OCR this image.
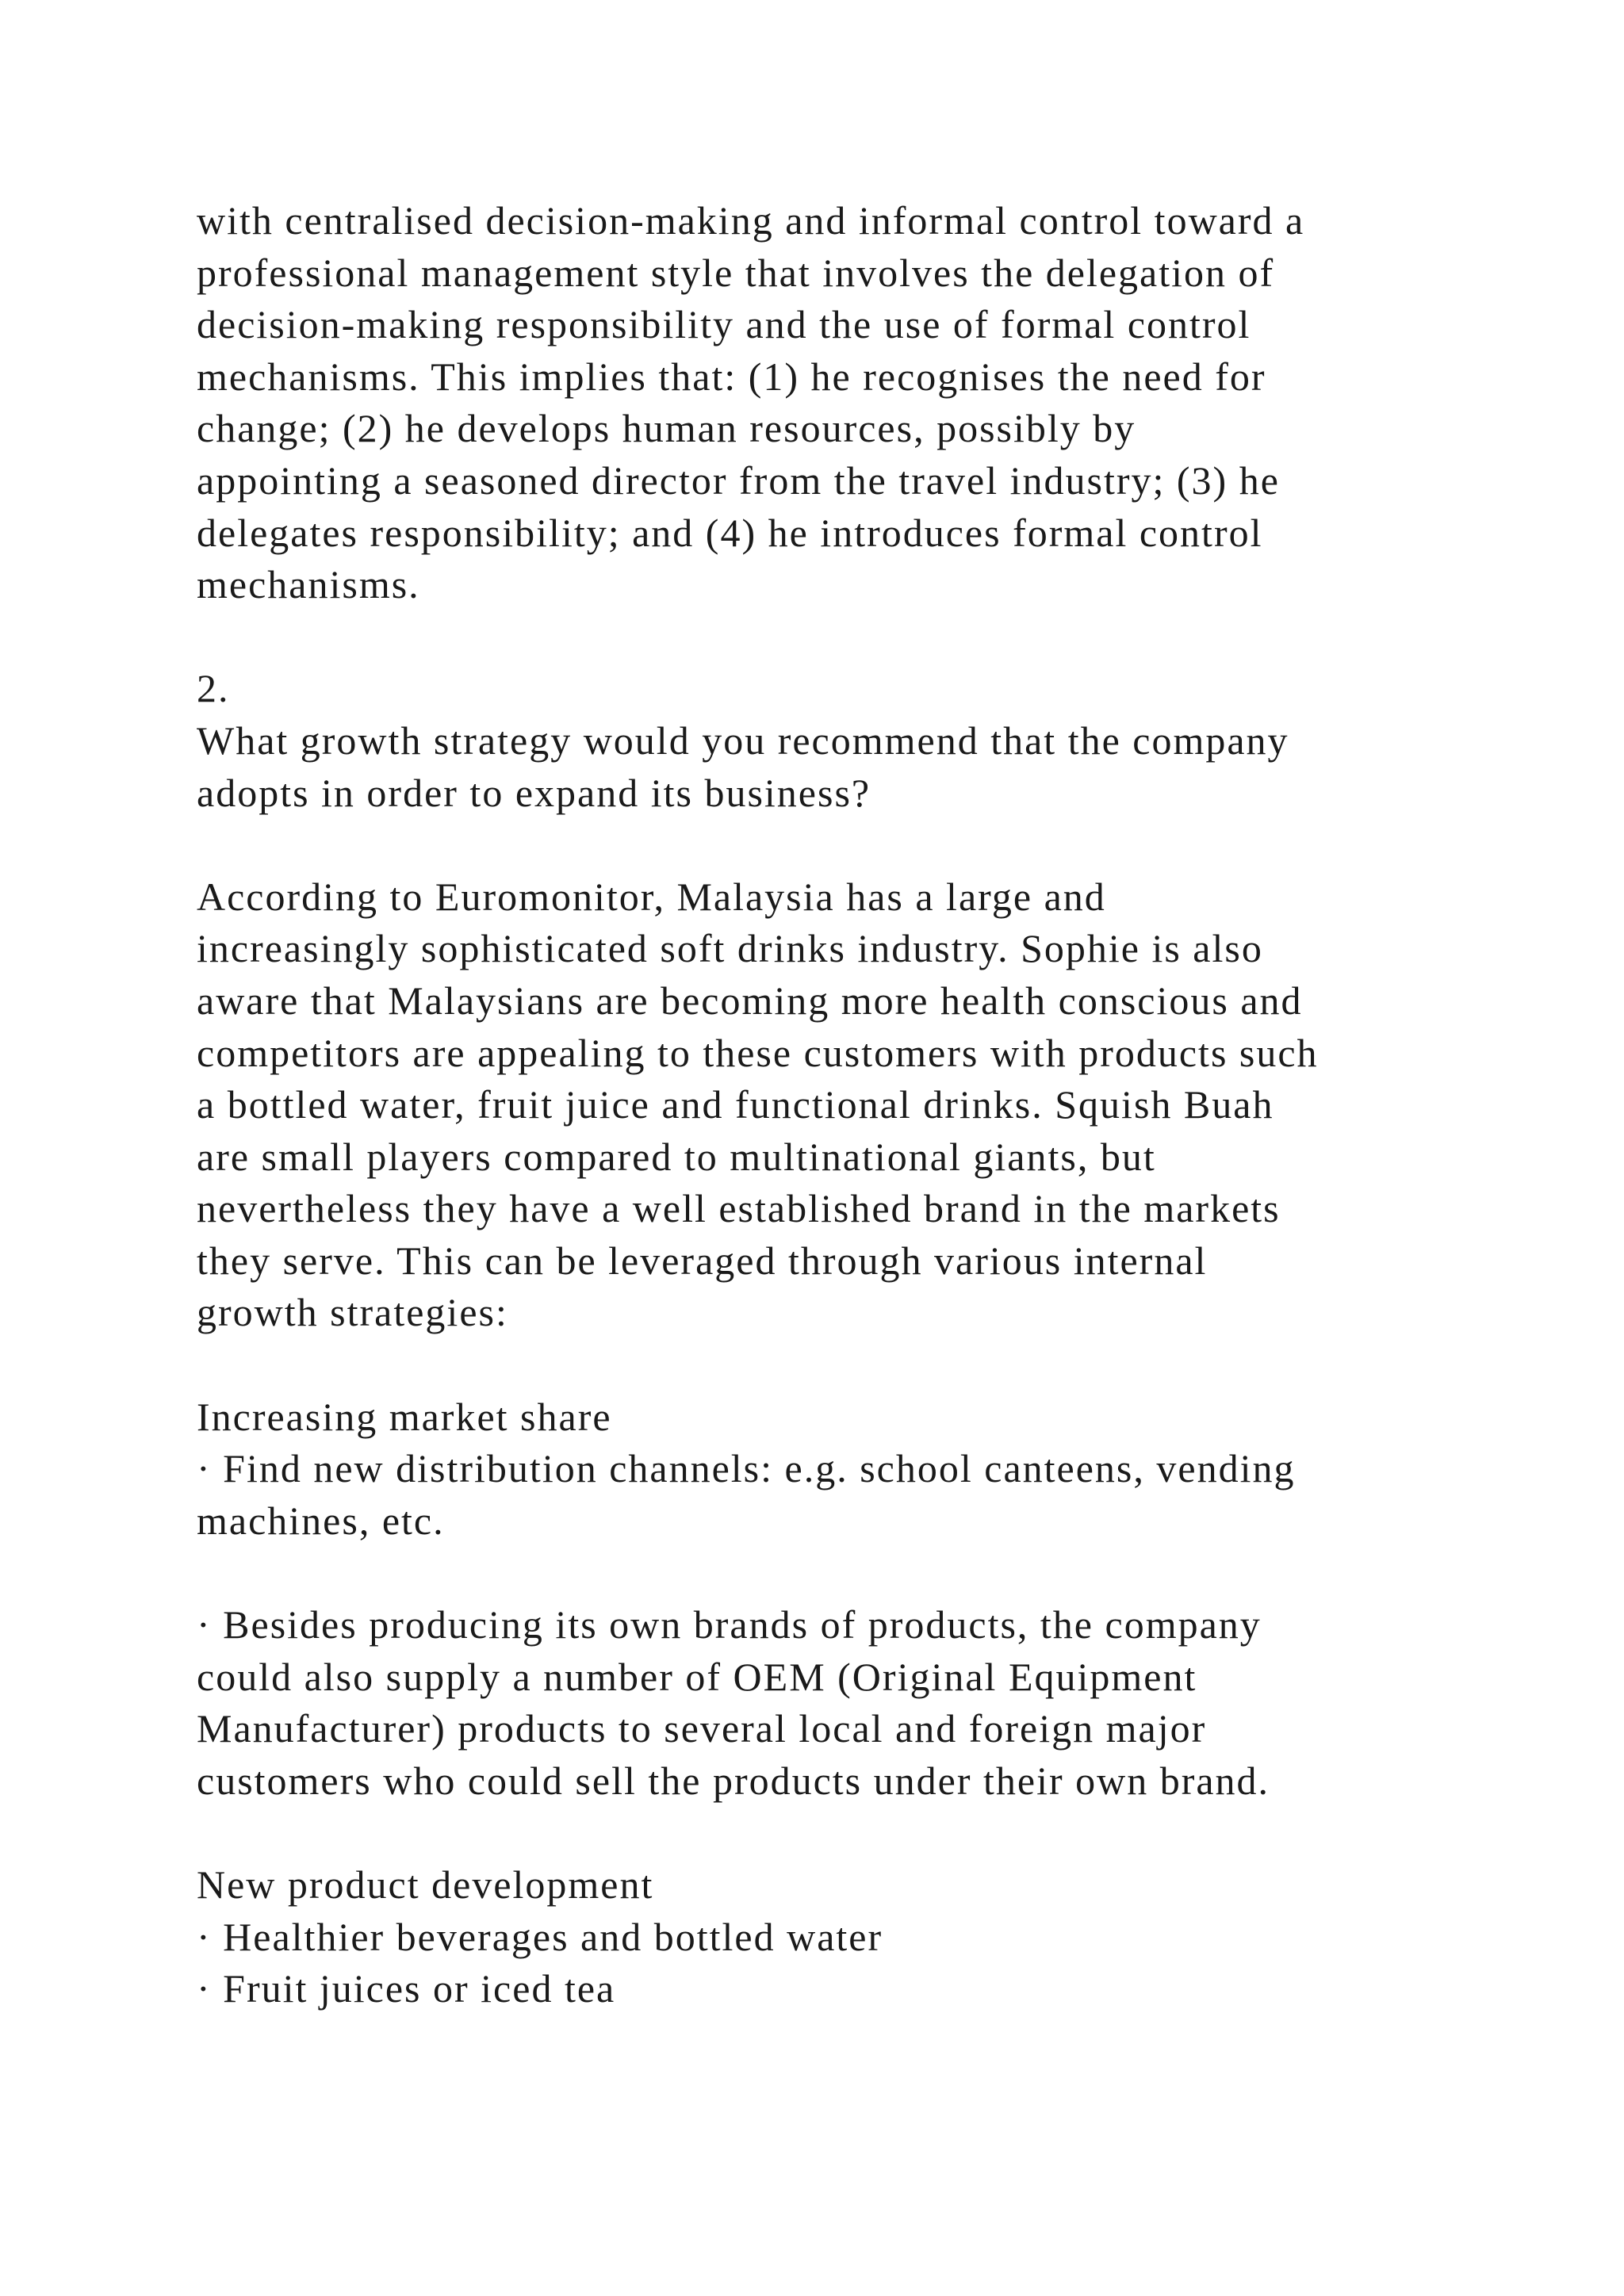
with centralised decision-making and informal control toward a
professional management style that involves the delegation of
decision-making responsibility and the use of formal control
mechanisms. This implies that: (1) he recognises the need for
change; (2) he develops human resources, possibly by
appointing a seasoned director from the travel industry; (3) he
delegates responsibility; and (4) he introduces formal control
mechanisms.
2.
What growth strategy would you recommend that the company
adopts in order to expand its business?
According to Euromonitor, Malaysia has a large and
increasingly sophisticated soft drinks industry. Sophie is also
aware that Malaysians are becoming more health conscious and
competitors are appealing to these customers with products such
a bottled water, fruit juice and functional drinks. Squish Buah
are small players compared to multinational giants, but
nevertheless they have a well established brand in the markets
they serve. This can be leveraged through various internal
growth strategies:
Increasing market share
· Find new distribution channels: e.g. school canteens, vending
machines, etc.
· Besides producing its own brands of products, the company
could also supply a number of OEM (Original Equipment
Manufacturer) products to several local and foreign major
customers who could sell the products under their own brand.
New product development
· Healthier beverages and bottled water
· Fruit juices or iced tea
